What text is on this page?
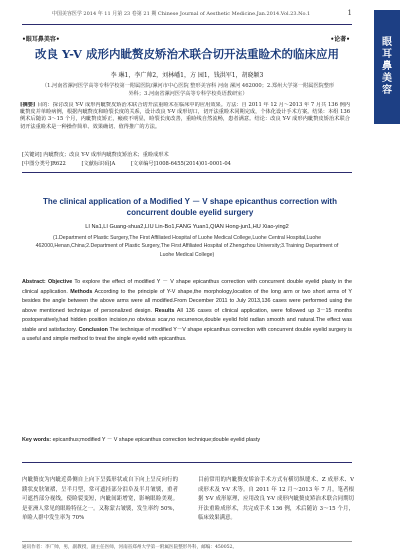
中国美容医学 2014 年 11 月第 23 卷第 21 期 Chinese Journal of Aesthetic Medicine.Jan.2014.Vol.23.No.1	1
眼
耳
鼻
美
容
•眼耳鼻美容•	•论著•
改良 Y-V 成形内眦赘皮矫治术联合切开法重睑术的临床应用
李 琳1，李广帅2，刘林嶓1，方 园1，钱洪军1，胡晓颖3
（1.河南省漯河医学高等专科学校第一附属医院/漯河市中心医院 整形美容科 河南 漯河 462000；2.郑州大学第一附属医院整形外科；3.河南省漯河医学高等专科学校英语教研室）
[摘要] 目的：探讨改良 Y-V 成形内眦赘皮矫治术联合切开法重睑术在临床中的应用效果。方法：自 2011 年 12 月～2013 年 7 月共 136 例内眦赘皮并单睑病例，根据内眦赘皮和睑裂长度的关系，设计改良 Y-V 成形切口，切开法重睑术同期完成，个体化设计手术方案。结果：本组 136 例术后随访 3～15 个月，内眦赘皮矫正，瘢痕不明显，睑裂长度改善，重睑线自然流畅，患者满意。结论：改良 Y-V 成形内眦赘皮矫治术联合切开法重睑术是一种操作简单、效果确切、值得推广的方法。
[关键词] 内眦赘皮；改良 Y-V 成形内眦赘皮矫治术；重睑成形术
[中图分类号]R622	[文献标识码]A	[文章编号]1008-6455(2014)01-0001-04
The clinical application of a Modified Y － V shape epicanthus correction with concurrent double eyelid surgery
LI Na1,LI Guang-shua2,LIU Lin-Bo1,FANG Yuan1,QIAN Hong-jun1,HU Xiao-ying2
(1.Department of Plastic Surgery,The First Affiliated Hospital of Luohe Medical College,Luohe Central Hospital,Luohe 462000,Henan,China;2.Department of Plastic Surgery,The First Affiliated Hospital of Zhengzhou University;3.Training Department of Luohe Medical College)
Abstract: Objective To explore the effect of modified Y － V shape epicanthus correction with concurrent double eyelid plasty in the clinical application. Methods According to the principle of Y-V shape,the morphology,location of the long arm or two short arms of Y besides the angle between the above arms were all modified.From December 2011 to July 2013,136 cases were performed using the above mentioned technique of personalized design. Results All 136 cases of clinical application, were followed up 3－15 months postoperatively,had hidden position incision,no obvious scar,no recurrence,double eyelid fold radian smooth and natural.The effect was stable and satisfactory. Conclusion The technique of modified Y－V shape epicanthus correction with concurrent double eyelid surgery is a useful and simple method to treat the single eyelid with epicanthus.
Key words: epicanthus;modified Y － V shape epicanthus correction technique;double eyelid plasty
内眦赘皮为内眦近鼻侧自上向下呈弧形状或自下向上呈反向行的蹼状皮肤皱褶，呈半月型，常可遮挂部分泪阜及半月皱襞，重者可遮挡部分视线，使睑裂变短，内眦间距增宽，影响眼睑美观。是亚洲人常见的眼睑特征之一。又称蒙古皱襞，发生率约 50%，单睑人群中发生率为 70%
目前常用的内眦赘皮矫治手术方式有横切纵缝术、Z 成形术、V 成形术及 Y-V 术等。自 2011 年 12 月～2013 年 7 月，笔者根据 Y-V 成形原理，应用改良 Y-V 成形内眦赘皮矫治术联合同期切开法重睑成形术，共完成手术 136 例，术后随访 3～15 个月，临床效果满意。
通讯作者：李广帅，男，副教授，副主任医师，河南省郑州大学第一附属医院整形外科，邮编：450052。
